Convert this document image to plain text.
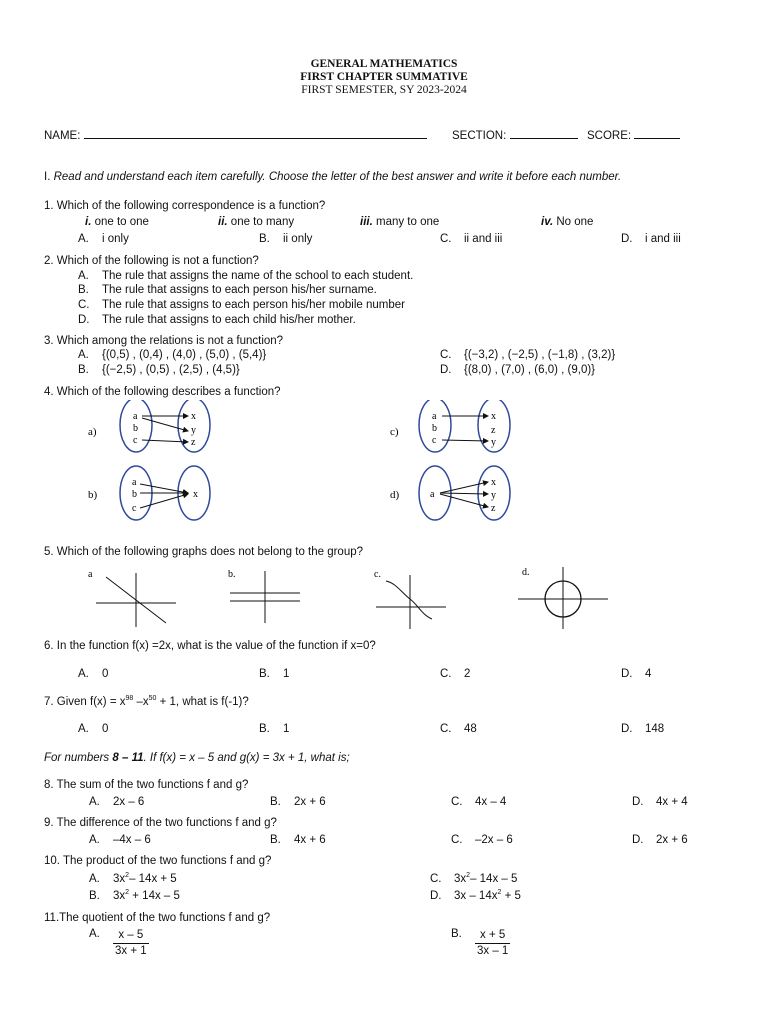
GENERAL MATHEMATICS
FIRST CHAPTER SUMMATIVE
FIRST SEMESTER, SY 2023-2024
NAME:	SECTION:	SCORE:
I. Read and understand each item carefully. Choose the letter of the best answer and write it before each number.
1. Which of the following correspondence is a function?
i. one to one	ii. one to many	iii. many to one	iv. No one
A. i only	B. ii only	C. ii and iii	D. i and iii
2. Which of the following is not a function?
A. The rule that assigns the name of the school to each student.
B. The rule that assigns to each person his/her surname.
C. The rule that assigns to each person his/her mobile number
D. The rule that assigns to each child his/her mother.
3. Which among the relations is not a function?
A. {(0,5) , (0,4) , (4,0) , (5,0) , (5,4)}
B. {(−2,5) , (0,5) , (2,5) , (4,5)}
C. {(−3,2) , (−2,5) , (−1,8) , (3,2)}
D. {(8,0) , (7,0) , (6,0) , (9,0)}
4. Which of the following describes a function?
a)
a
b
c
x
y
z
c)
a
b
c
b)
a
b
c
x	d)	a
x
z
y
x
y
z
5. Which of the following graphs does not belong to the group?
a	b.	c.	d.
6. In the function f(x) =2x, what is the value of the function if x=0?
A. 0	B. 1	C. 2	D. 4
7. Given $f(x) = x^{98}$ $-x^{50} + 1$, what is f(-1)?
A. 0	B. 1	C. 48	D. 148
For numbers 8 – 11. If f(x) = x – 5 and g(x) = 3x + 1, what is;
8. The sum of the two functions f and g?
A. 2x – 6	B. 2x + 6	C. 4x – 4	D. 4x + 4
9. The difference of the two functions f and g?
A. –4x – 6	B. 4x + 6	C. –2x – 6	D. 2x + 6
10. The product of the two functions f and g?
A. $3x^2-$ 14x + 5
B. $3x^2 + 14x - 5$
C. $3x^2-$ 14x – 5
D. $3x - 14x^2 + 5$
11.The quotient of the two functions f and g?
A. $\frac{x - 5}{3x + 1}$	B. $\frac{x + 5}{3x - 1}$
